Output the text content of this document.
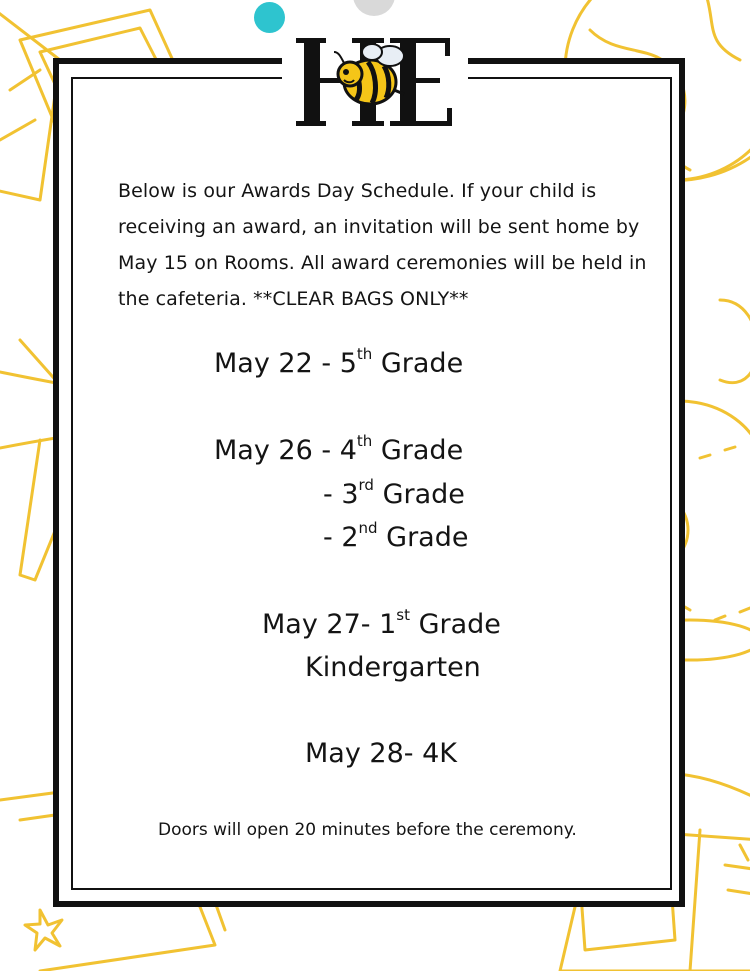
Below is our Awards Day Schedule. If your child is receiving an award, an invitation will be sent home by May 15 on Rooms. All award ceremonies will be held in the cafeteria. **CLEAR BAGS ONLY**
May 22 - 5th Grade
May 26 - 4th Grade
- 3rd Grade
- 2nd Grade
May 27- 1st Grade
Kindergarten
May 28- 4K
Doors will open 20 minutes before the ceremony.
